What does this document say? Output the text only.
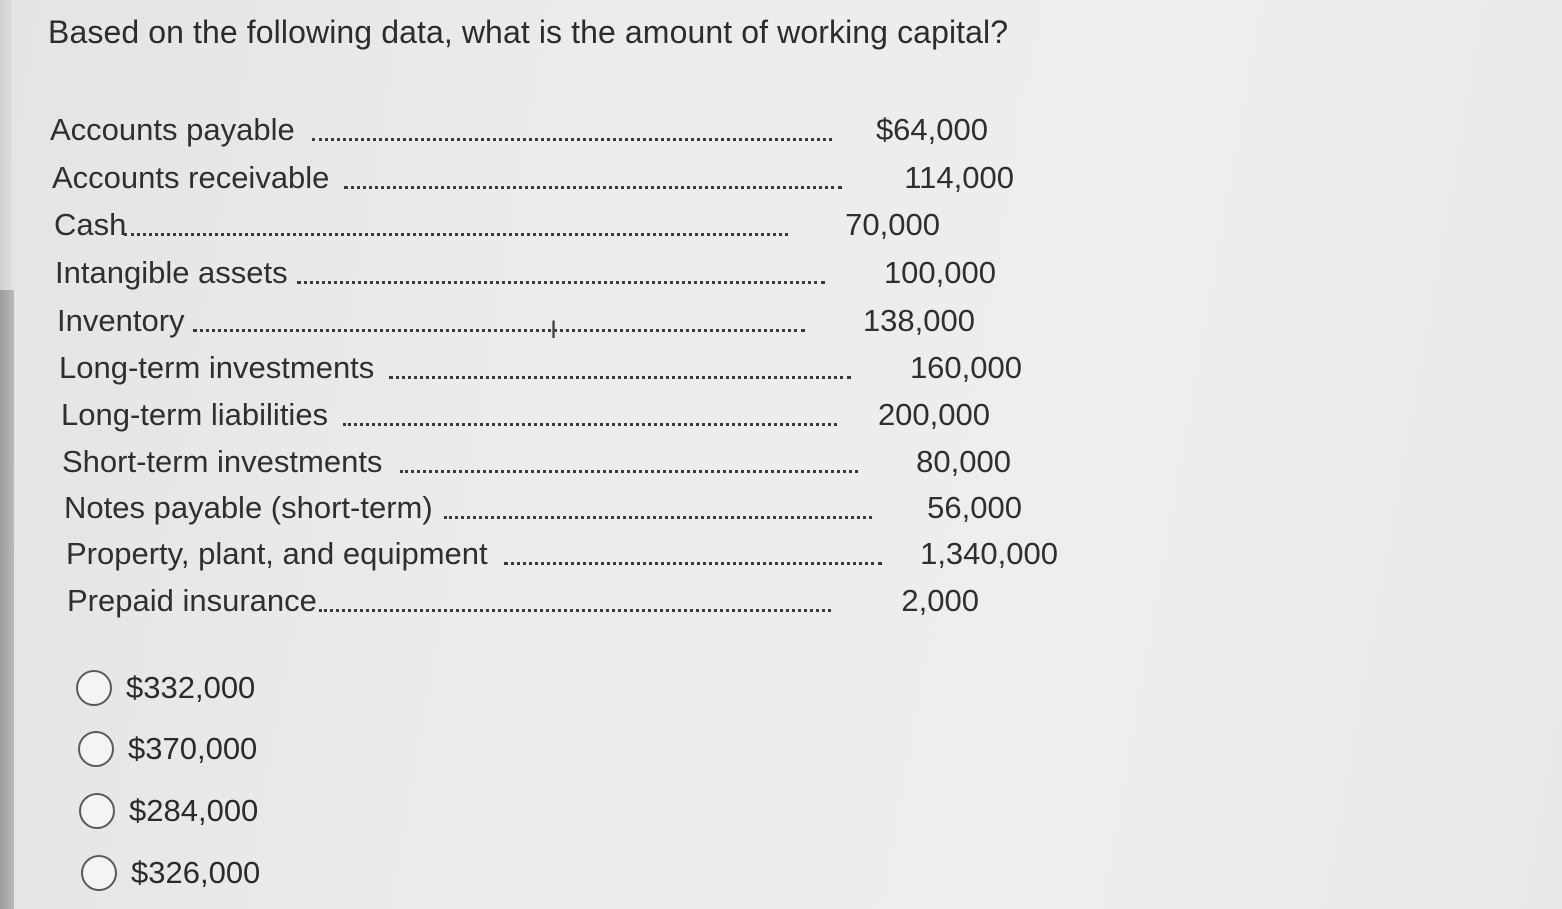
Based on the following data, what is the amount of working capital?
Accounts payable	$64,000
Accounts receivable	114,000
Cash	70,000
Intangible assets	100,000
Inventory	138,000
Long-term investments	160,000
Long-term liabilities	200,000
Short-term investments	80,000
Notes payable (short-term)	56,000
Property, plant, and equipment	1,340,000
Prepaid insurance	2,000
I
$332,000
$370,000
$284,000
$326,000
